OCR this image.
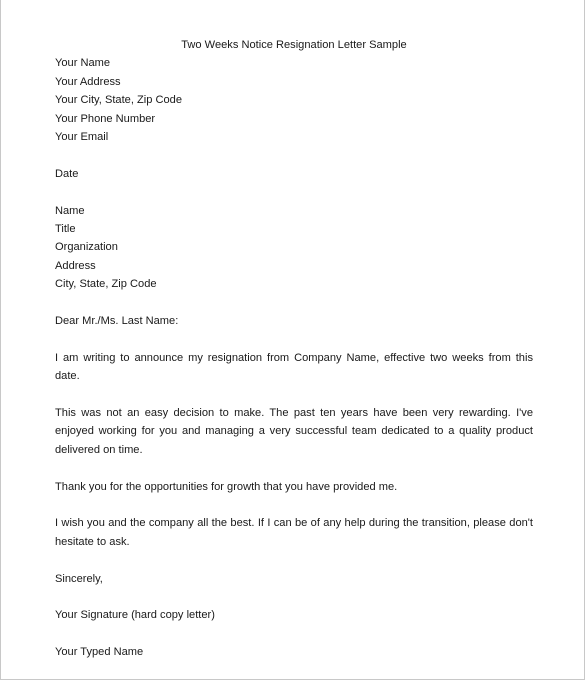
Two Weeks Notice Resignation Letter Sample
Your Name
Your Address
Your City, State, Zip Code
Your Phone Number
Your Email
Date
Name
Title
Organization
Address
City, State, Zip Code
Dear Mr./Ms. Last Name:

I am writing to announce my resignation from Company Name, effective two weeks from this date.

This was not an easy decision to make. The past ten years have been very rewarding. I've enjoyed working for you and managing a very successful team dedicated to a quality product delivered on time.

Thank you for the opportunities for growth that you have provided me.

I wish you and the company all the best. If I can be of any help during the transition, please don't hesitate to ask.

Sincerely,
Your Signature (hard copy letter)
Your Typed Name
